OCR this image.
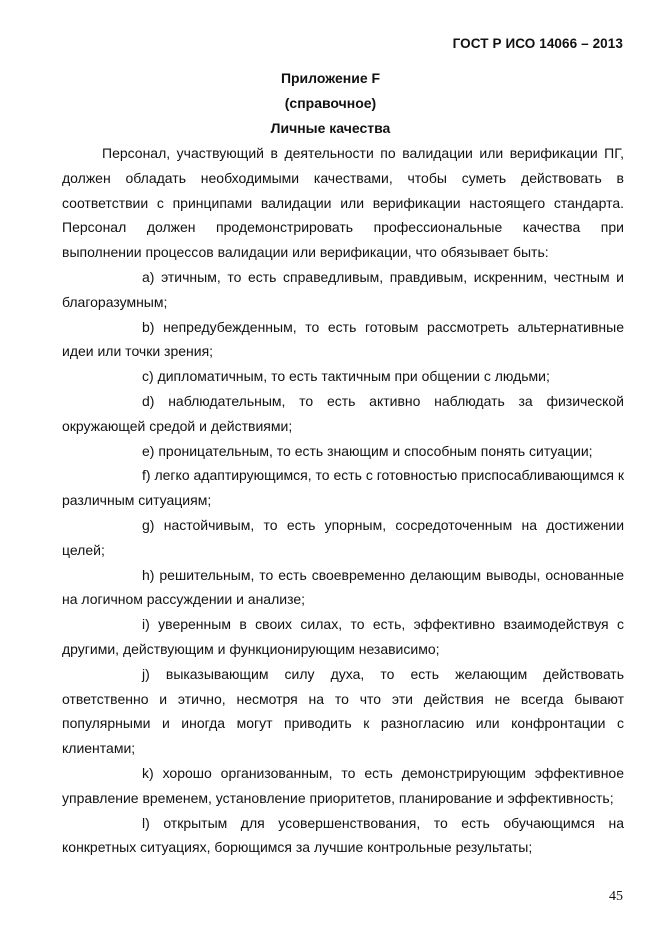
ГОСТ Р ИСО 14066 – 2013
Приложение F
(справочное)
Личные качества

Персонал, участвующий в деятельности по валидации или верификации ПГ, должен обладать необходимыми качествами, чтобы суметь действовать в соответствии с принципами валидации или верификации настоящего стандарта. Персонал должен продемонстрировать профессиональные качества при выполнении процессов валидации или верификации, что обязывает быть:

a) этичным, то есть справедливым, правдивым, искренним, честным и благоразумным;

b) непредубежденным, то есть готовым рассмотреть альтернативные идеи или точки зрения;

c) дипломатичным, то есть тактичным при общении с людьми;

d) наблюдательным, то есть активно наблюдать за физической окружающей средой и действиями;

e) проницательным, то есть знающим и способным понять ситуации;

f) легко адаптирующимся, то есть с готовностью приспосабливающимся к различным ситуациям;

g) настойчивым, то есть упорным, сосредоточенным на достижении целей;

h) решительным, то есть своевременно делающим выводы, основанные на логичном рассуждении и анализе;

i) уверенным в своих силах, то есть, эффективно взаимодействуя с другими, действующим и функционирующим независимо;

j) выказывающим силу духа, то есть желающим действовать ответственно и этично, несмотря на то что эти действия не всегда бывают популярными и иногда могут приводить к разногласию или конфронтации с клиентами;

k) хорошо организованным, то есть демонстрирующим эффективное управление временем, установление приоритетов, планирование и эффективность;

l) открытым для усовершенствования, то есть обучающимся на конкретных ситуациях, борющимся за лучшие контрольные результаты;

45
